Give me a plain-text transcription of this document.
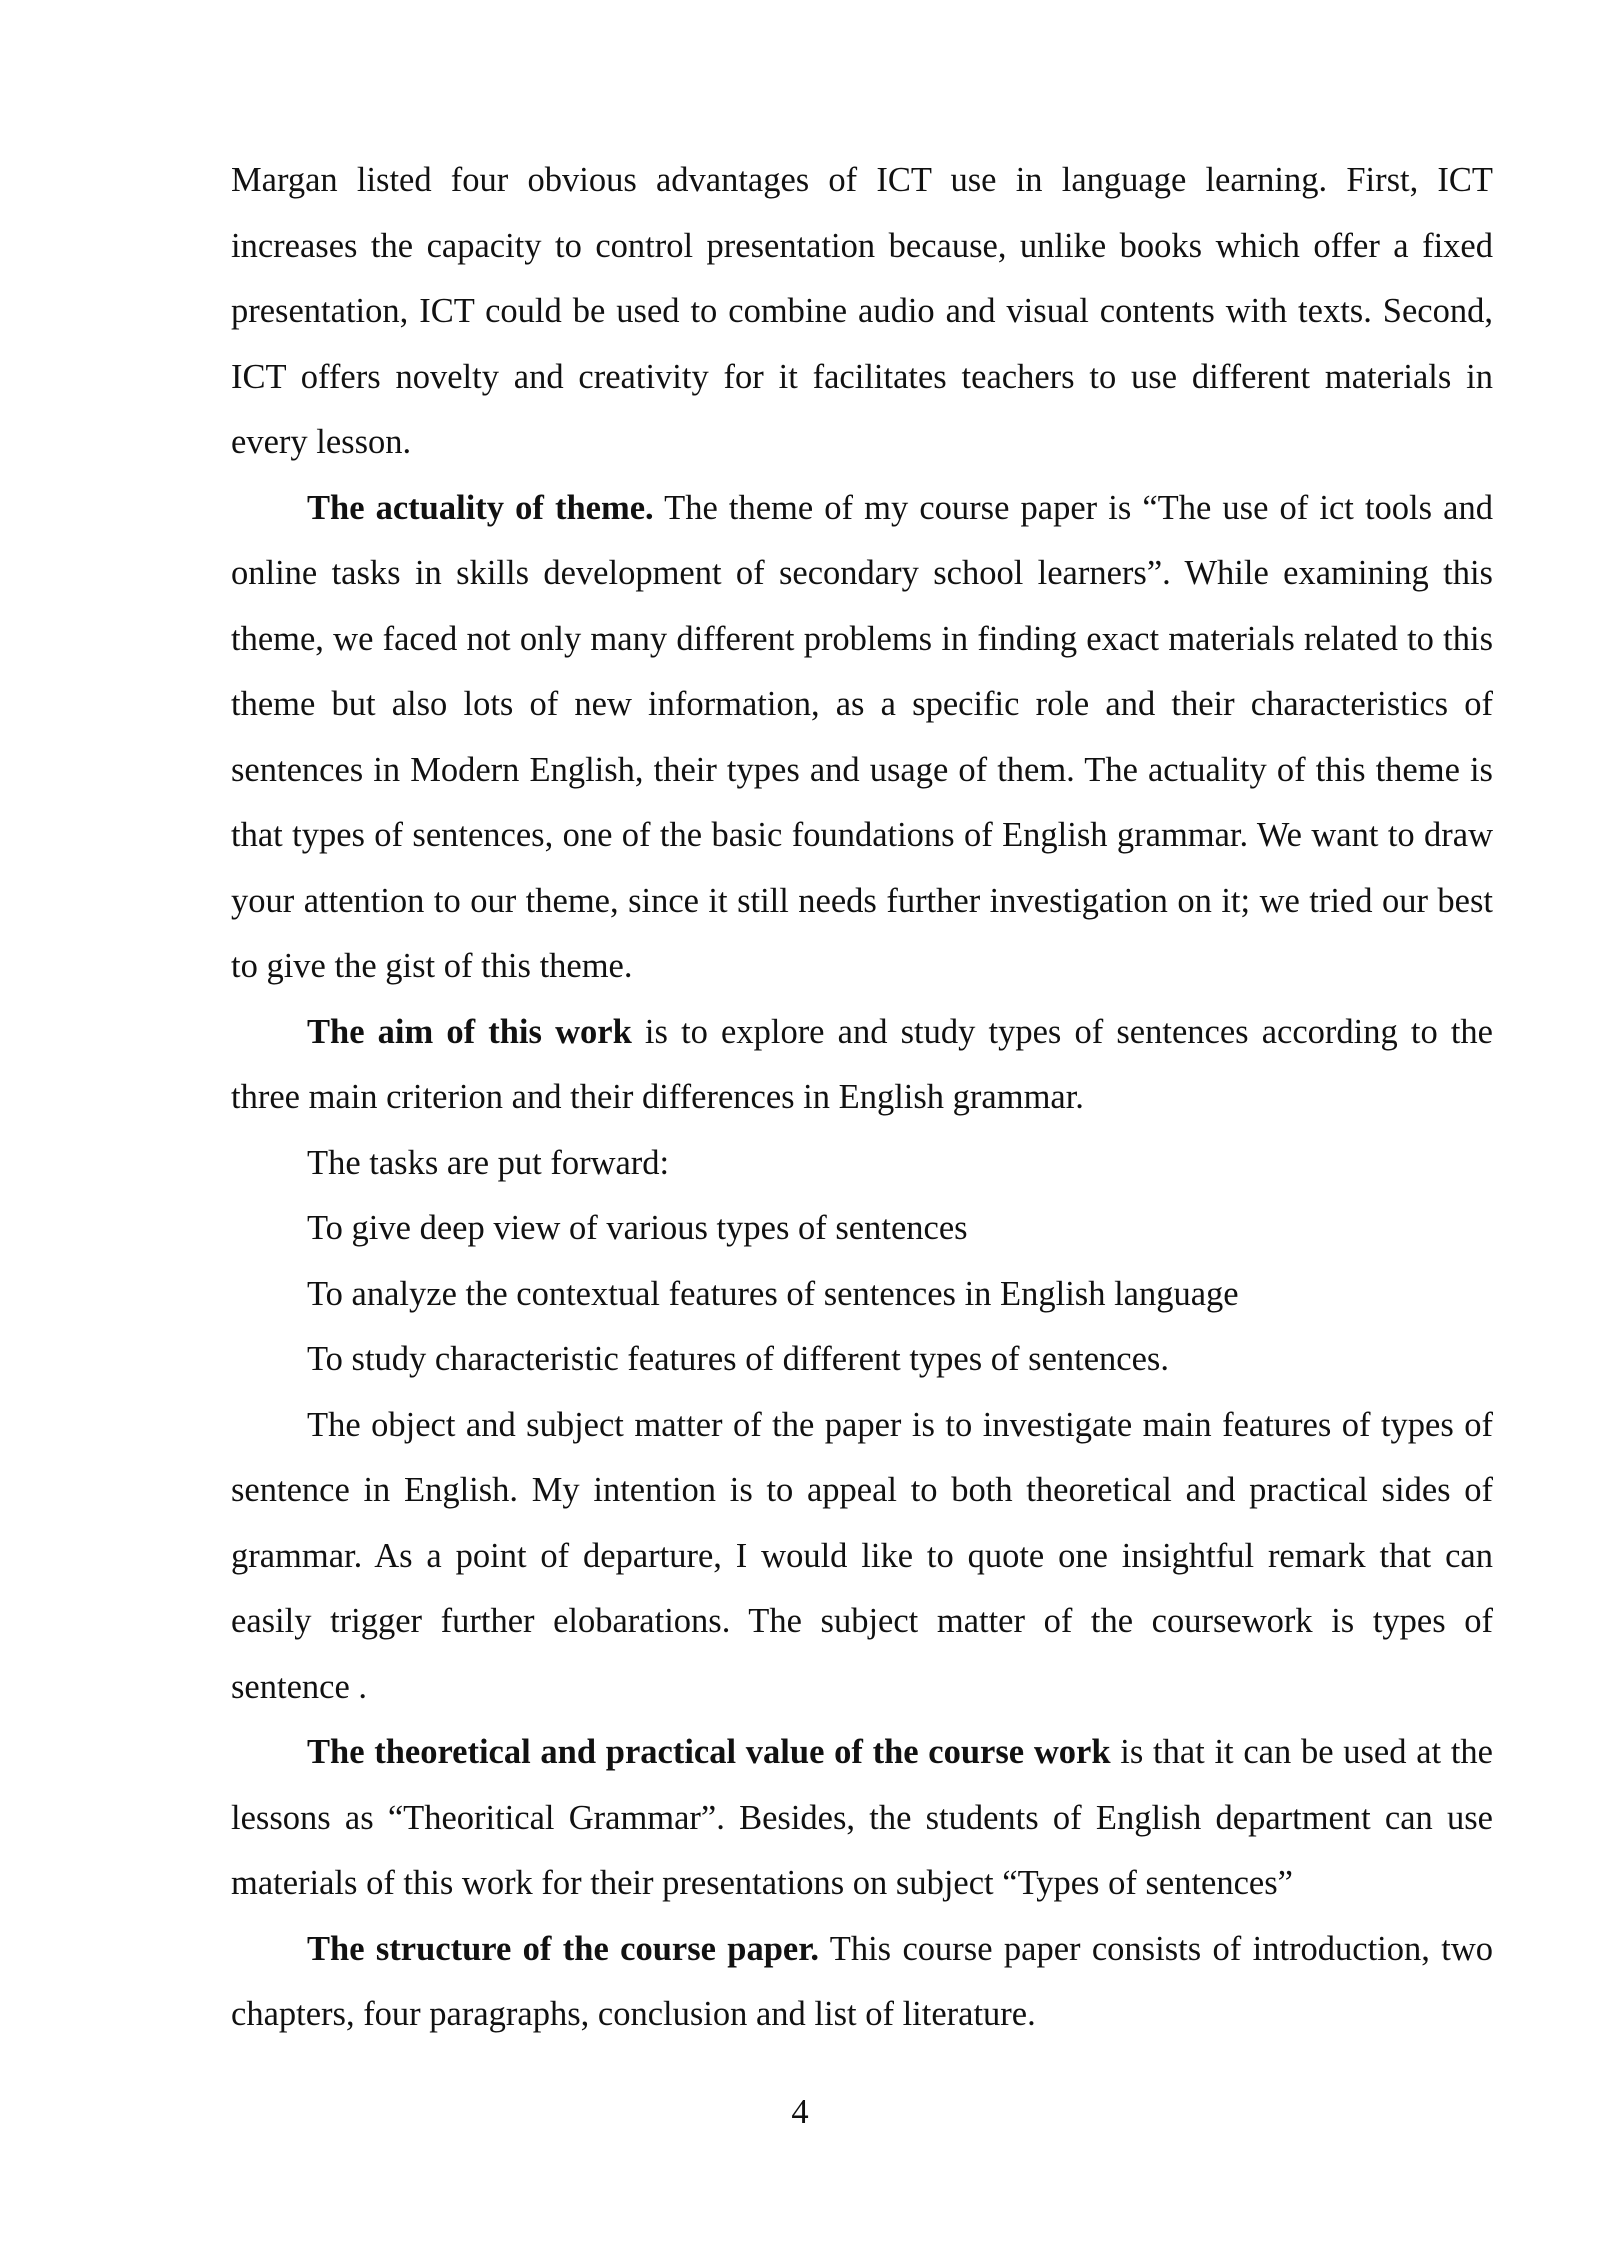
Margan listed four obvious advantages of ICT use in language learning. First, ICT increases the capacity to control presentation because, unlike books which offer a fixed presentation, ICT could be used to combine audio and visual contents with texts. Second, ICT offers novelty and creativity for it facilitates teachers to use different materials in every lesson.

The actuality of theme. The theme of my course paper is “The use of ict tools and online tasks in skills development of secondary school learners”. While examining this theme, we faced not only many different problems in finding exact materials related to this theme but also lots of new information, as a specific role and their characteristics of sentences in Modern English, their types and usage of them. The actuality of this theme is that types of sentences, one of the basic foundations of English grammar. We want to draw your attention to our theme, since it still needs further investigation on it; we tried our best to give the gist of this theme.

The aim of this work is to explore and study types of sentences according to the three main criterion and their differences in English grammar.

The tasks are put forward:

To give deep view of various types of sentences

To analyze the contextual features of sentences in English language

To study characteristic features of different types of sentences.

The object and subject matter of the paper is to investigate main features of types of sentence in English. My intention is to appeal to both theoretical and practical sides of grammar. As a point of departure, I would like to quote one insightful remark that can easily trigger further elobarations. The subject matter of the coursework is types of sentence .

The theoretical and practical value of the course work is that it can be used at the lessons as “Theoritical Grammar”. Besides, the students of English department can use materials of this work for their presentations on subject “Types of sentences”

The structure of the course paper. This course paper consists of introduction, two chapters, four paragraphs, conclusion and list of literature.

4
